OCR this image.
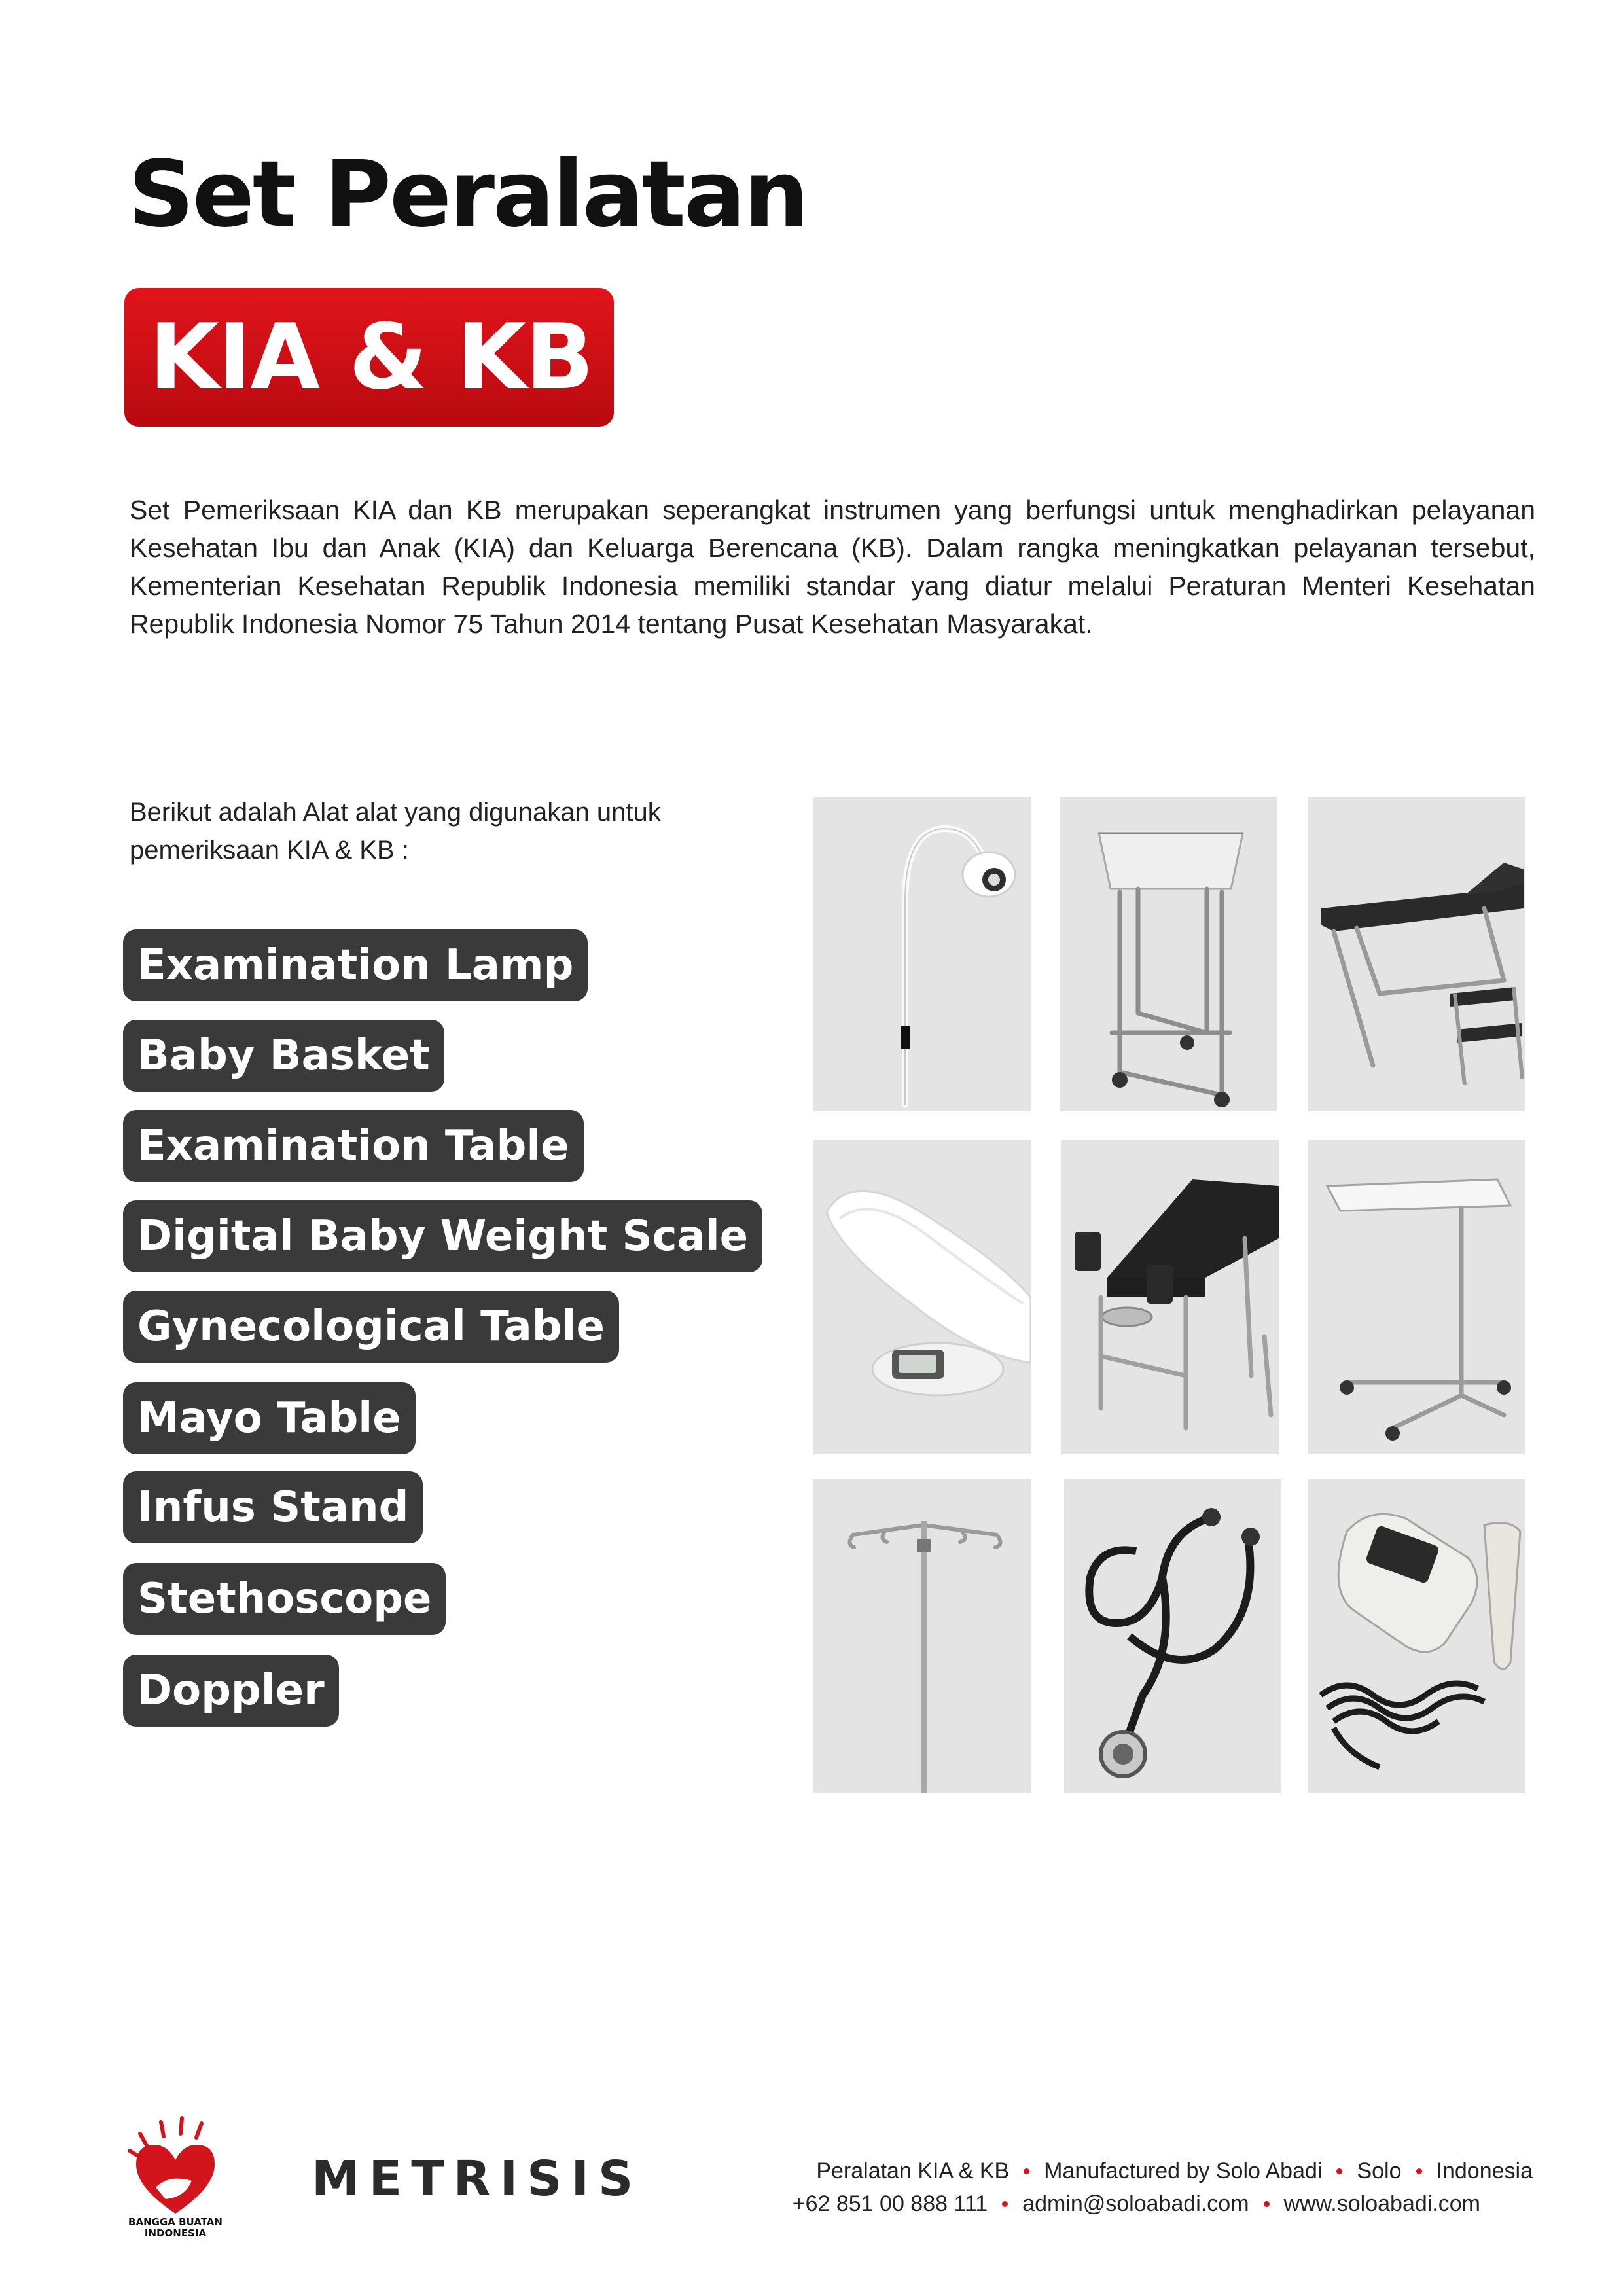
Set Peralatan
KIA & KB

Set Pemeriksaan KIA dan KB merupakan seperangkat instrumen yang berfungsi untuk menghadirkan pelayanan Kesehatan Ibu dan Anak (KIA) dan Keluarga Berencana (KB). Dalam rangka meningkatkan pelayanan tersebut, Kementerian Kesehatan Republik Indonesia memiliki standar yang diatur melalui Peraturan Menteri Kesehatan Republik Indonesia Nomor 75 Tahun 2014 tentang Pusat Kesehatan Masyarakat.

Berikut adalah Alat alat yang digunakan untuk pemeriksaan KIA & KB :

Examination Lamp
Baby Basket
Examination Table
Digital Baby Weight Scale
Gynecological Table
Mayo Table
Infus Stand
Stethoscope
Doppler
BANGGA BUATAN
INDONESIA
METRISIS	Peralatan KIA & KB Manufactured by Solo Abadi Solo Indonesia
+62 851 00 888 111 admin@soloabadi.com www.soloabadi.com
